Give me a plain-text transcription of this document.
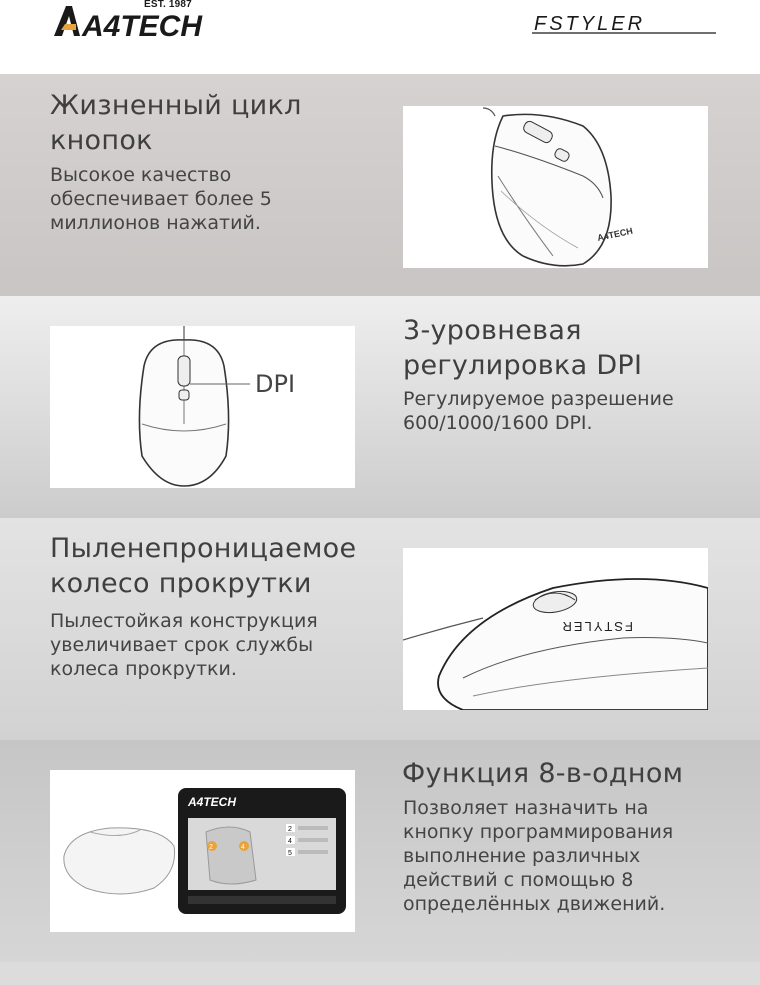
A4TECH
EST. 1987
FSTYLER
Жизненный цикл
кнопок
Высокое качество
обеспечивает более 5
миллионов нажатий.
A4TECH
DPI
3-уровневая
регулировка DPI
Регулируемое разрешение
600/1000/1600 DPI.
Пыленепроницаемое
колесо прокрутки
Пылестойкая конструкция
увеличивает срок службы
колеса прокрутки.
FSTYLER
A4TECH
2	4
2
4
5
Функция 8-в-одном
Позволяет назначить на
кнопку программирования
выполнение различных
действий с помощью 8
определённых движений.
